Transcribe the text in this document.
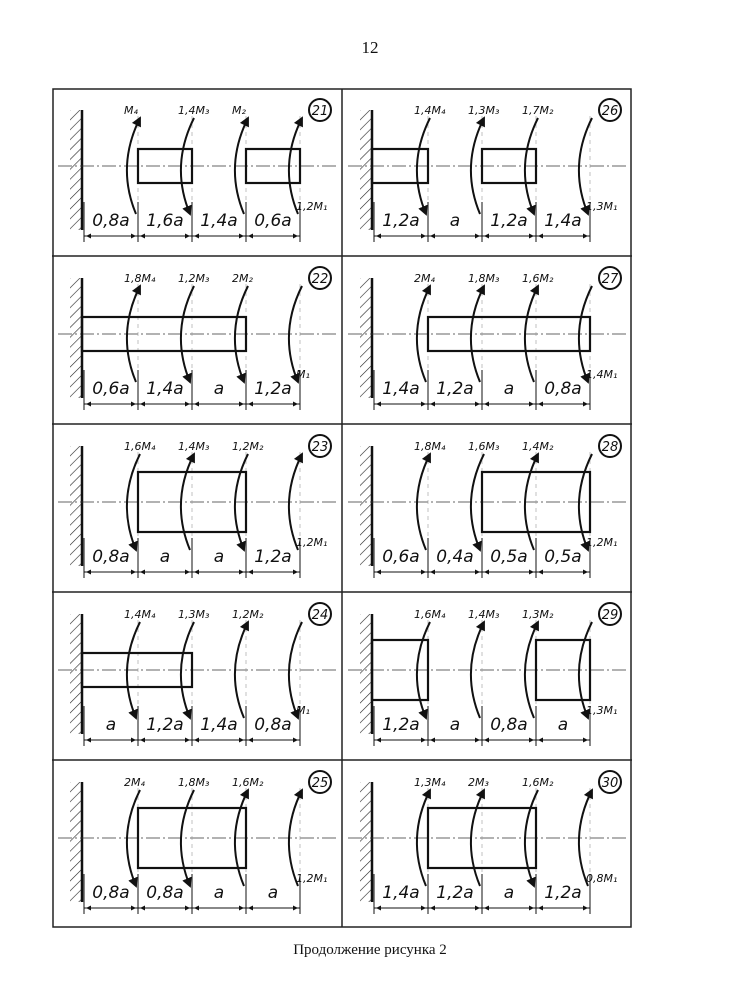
12
M₄	1,4M₃ M₂
1,2M₁
21
0,8a 1,6a 1,4a 0,6a
1,4M₄ 1,3M₃ 1,7M₂
1,3M₁
26
1,2a a 1,2a 1,4a
1,8M₄ 1,2M₃ 2M₂
M₁
22
0,6a 1,4a a 1,2a
2M₄	1,8M₃ 1,6M₂
1,4M₁
27
1,4a 1,2a a 0,8a
1,6M₄ 1,4M₃ 1,2M₂
1,2M₁
23
0,8a a	a 1,2a
1,8M₄ 1,6M₃ 1,4M₂
1,2M₁
28
0,6a 0,4a 0,5a 0,5a
1,4M₄ 1,3M₃ 1,2M₂
M₁
24
a 1,2a 1,4a 0,8a
1,6M₄ 1,4M₃ 1,3M₂
1,3M₁
29
1,2a a 0,8a a
2M₄	1,8M₃ 1,6M₂
1,2M₁
25
0,8a 0,8a a	a
1,3M₄ 2M₃	1,6M₂
0,8M₁
30
1,4a 1,2a a 1,2a
Продолжение рисунка 2
